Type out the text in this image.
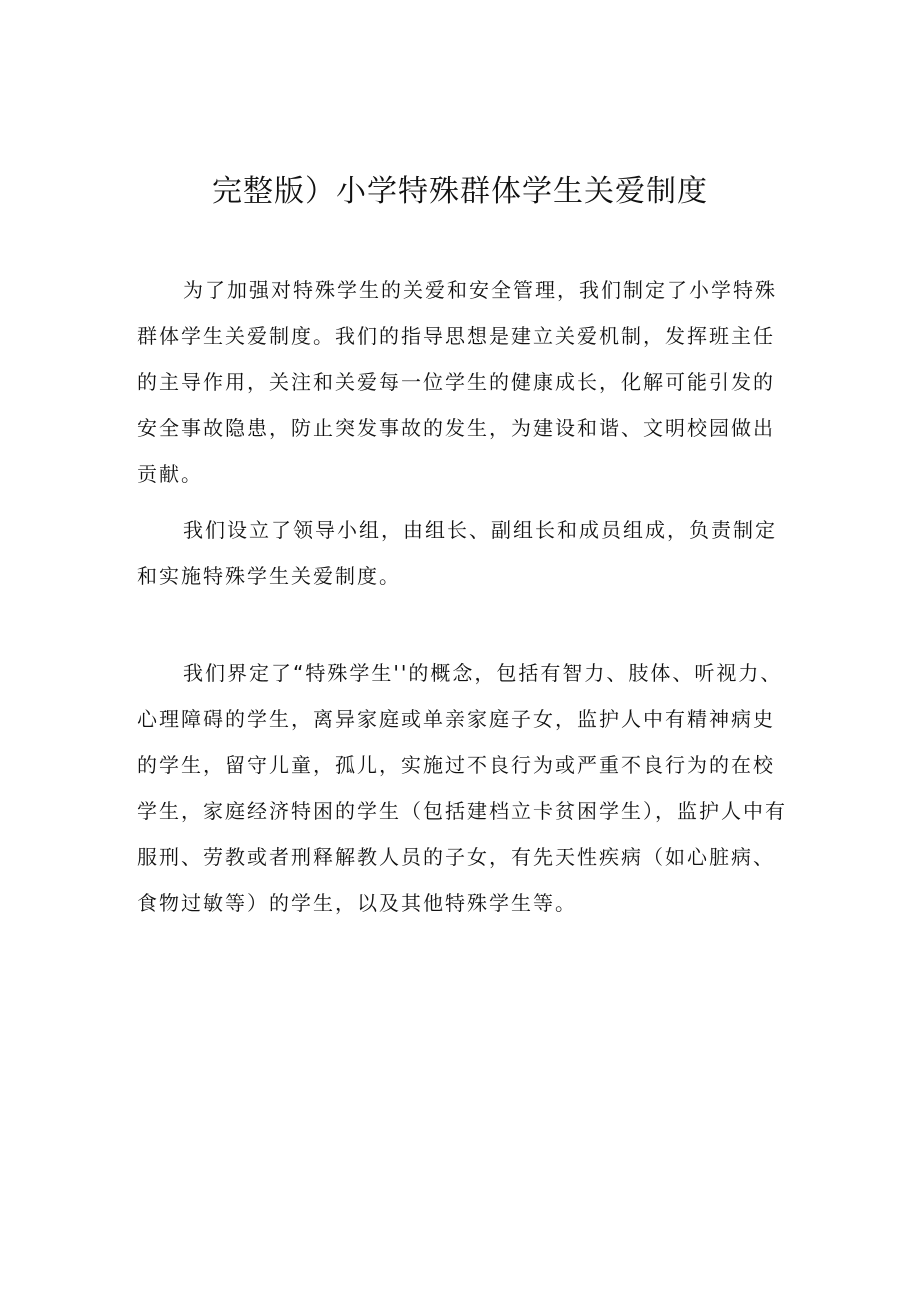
完整版）小学特殊群体学生关爱制度

为了加强对特殊学生的关爱和安全管理，我们制定了小学特殊群体学生关爱制度。我们的指导思想是建立关爱机制，发挥班主任的主导作用，关注和关爱每一位学生的健康成长，化解可能引发的安全事故隐患，防止突发事故的发生，为建设和谐、文明校园做出贡献。

我们设立了领导小组，由组长、副组长和成员组成，负责制定和实施特殊学生关爱制度。

我们界定了“特殊学生''的概念，包括有智力、肢体、听视力、心理障碍的学生，离异家庭或单亲家庭子女，监护人中有精神病史的学生，留守儿童，孤儿，实施过不良行为或严重不良行为的在校学生，家庭经济特困的学生（包括建档立卡贫困学生），监护人中有服刑、劳教或者刑释解教人员的子女，有先天性疾病（如心脏病、食物过敏等）的学生，以及其他特殊学生等。
